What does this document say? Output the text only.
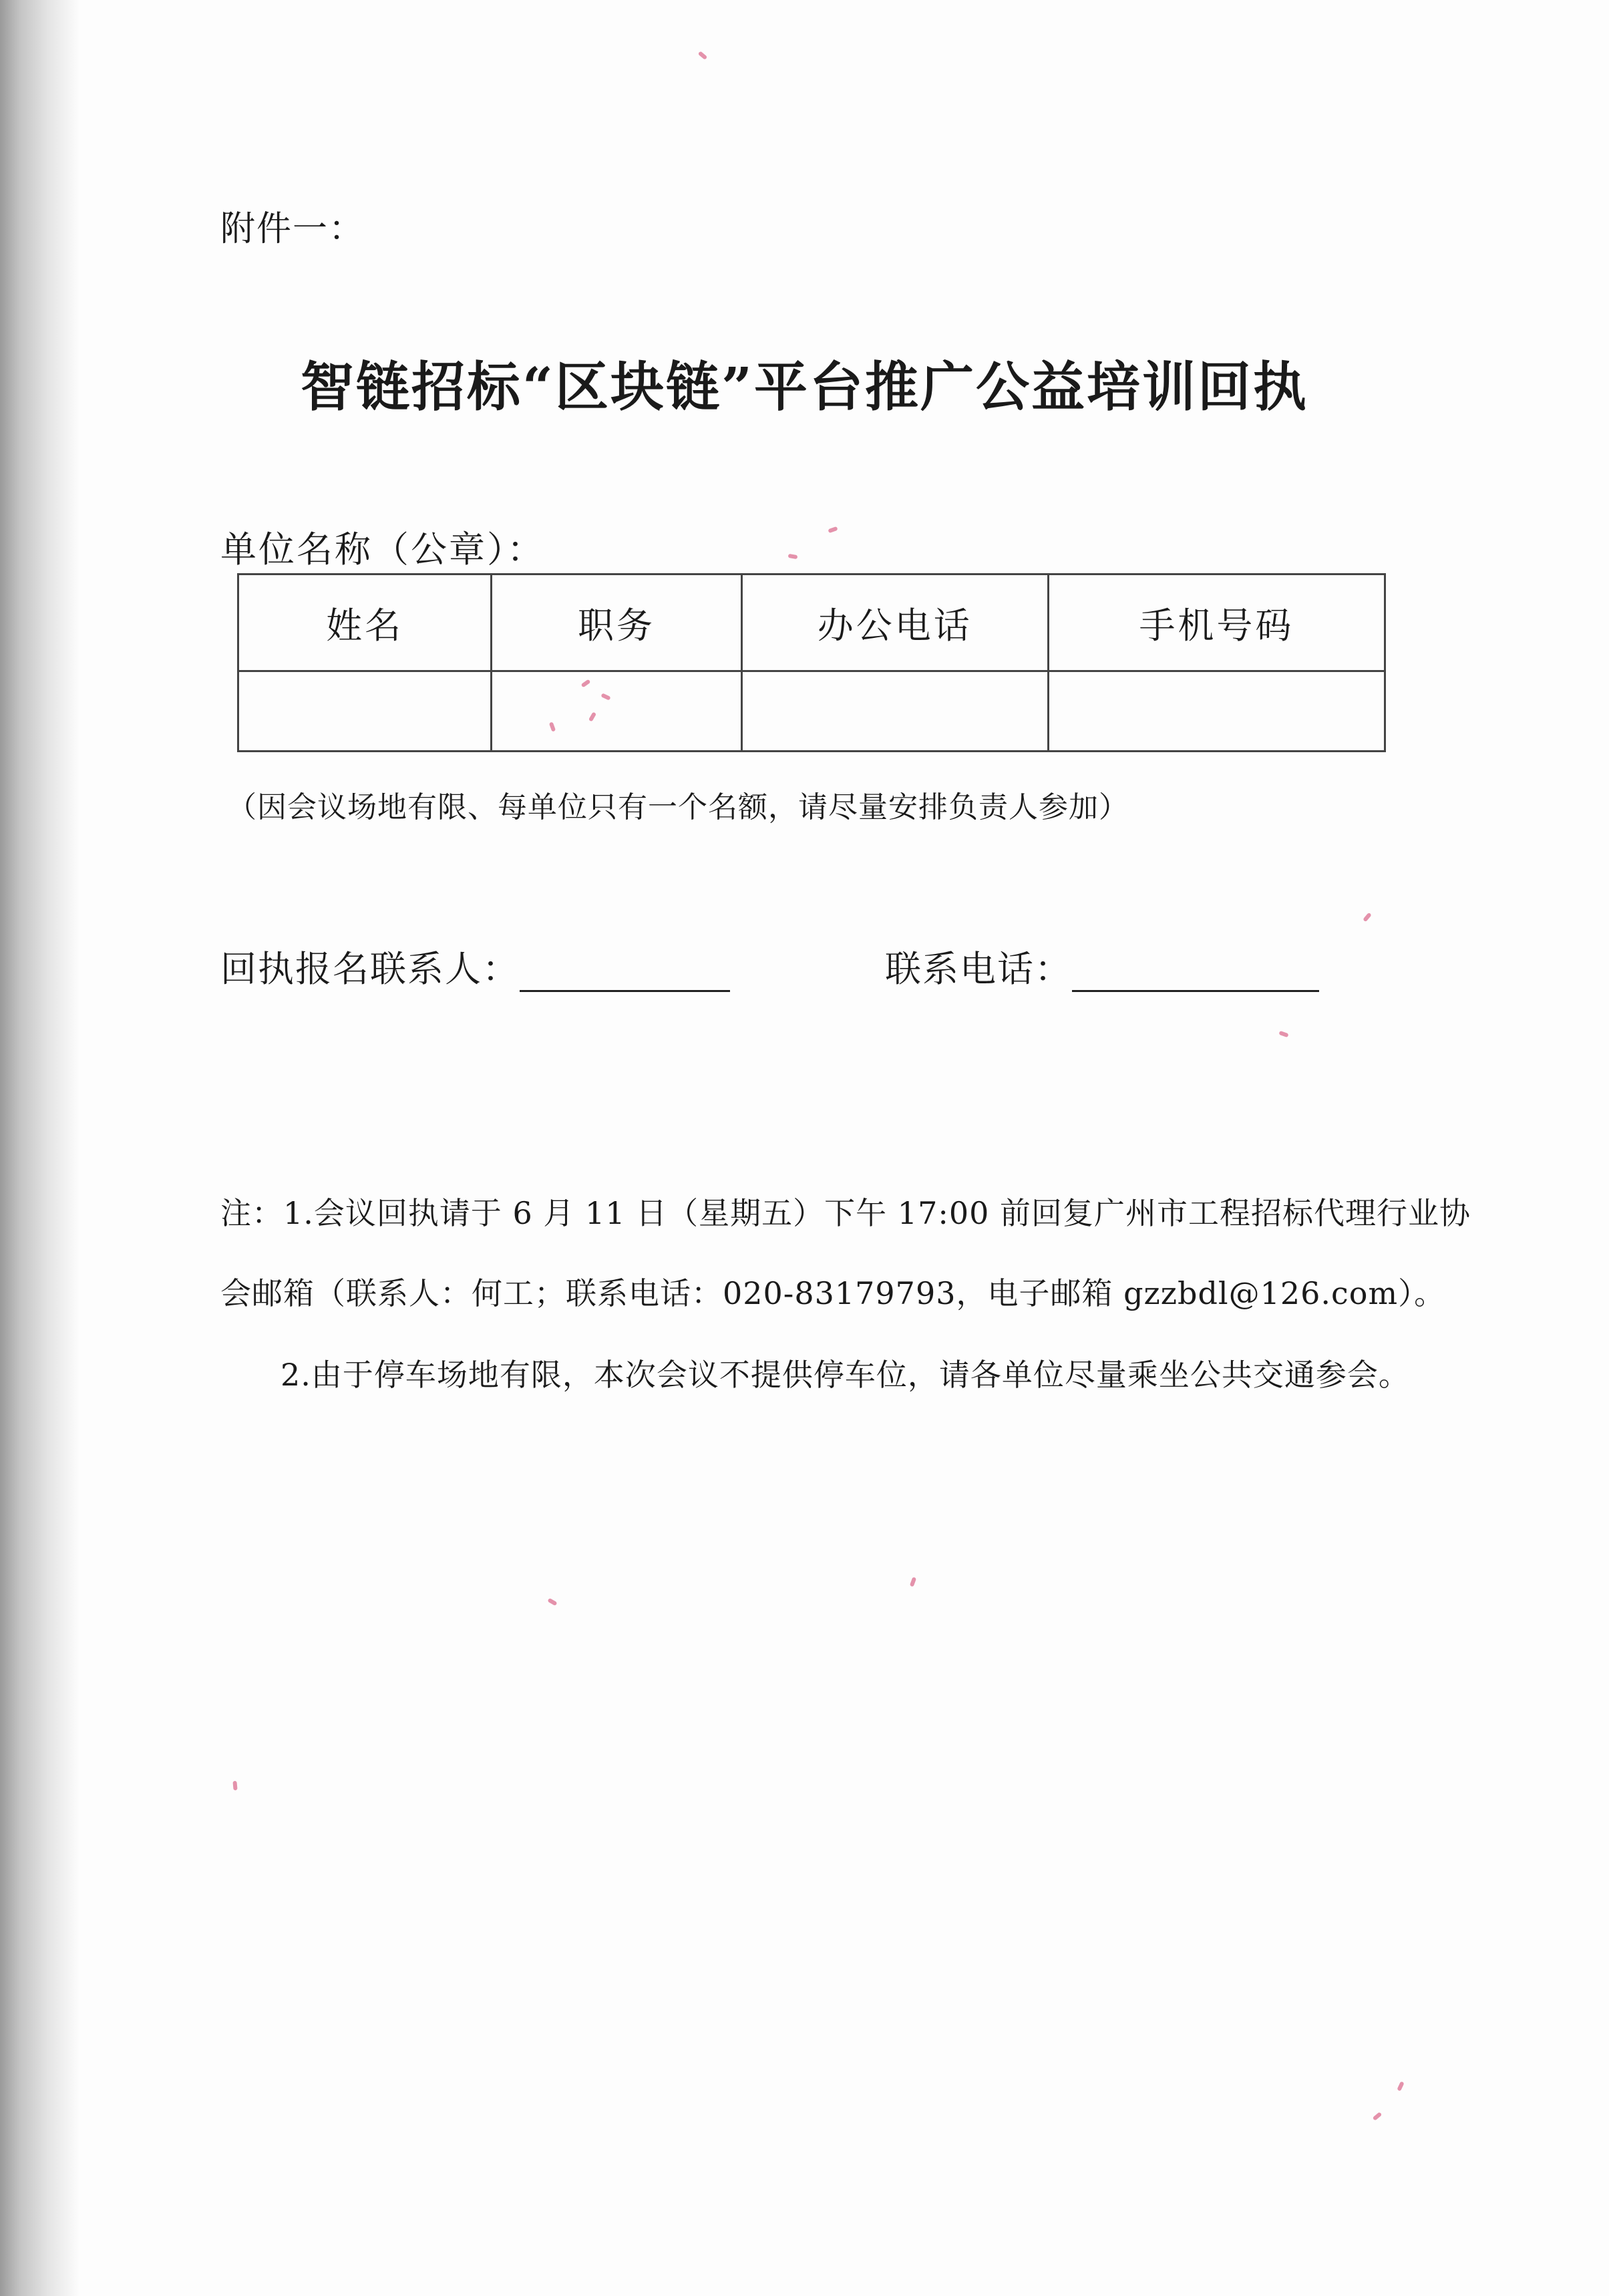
附件一：
智链招标“区块链”平台推广公益培训回执
单位名称（公章）：
姓名	职务	办公电话	手机号码

（因会议场地有限、每单位只有一个名额，请尽量安排负责人参加）
回执报名联系人：	联系电话：
注：1.会议回执请于 6 月 11 日（星期五）下午 17:00 前回复广州市工程招标代理行业协
会邮箱（联系人：何工；联系电话：020-83179793，电子邮箱 gzzbdl@126.com）。
2.由于停车场地有限，本次会议不提供停车位，请各单位尽量乘坐公共交通参会。
